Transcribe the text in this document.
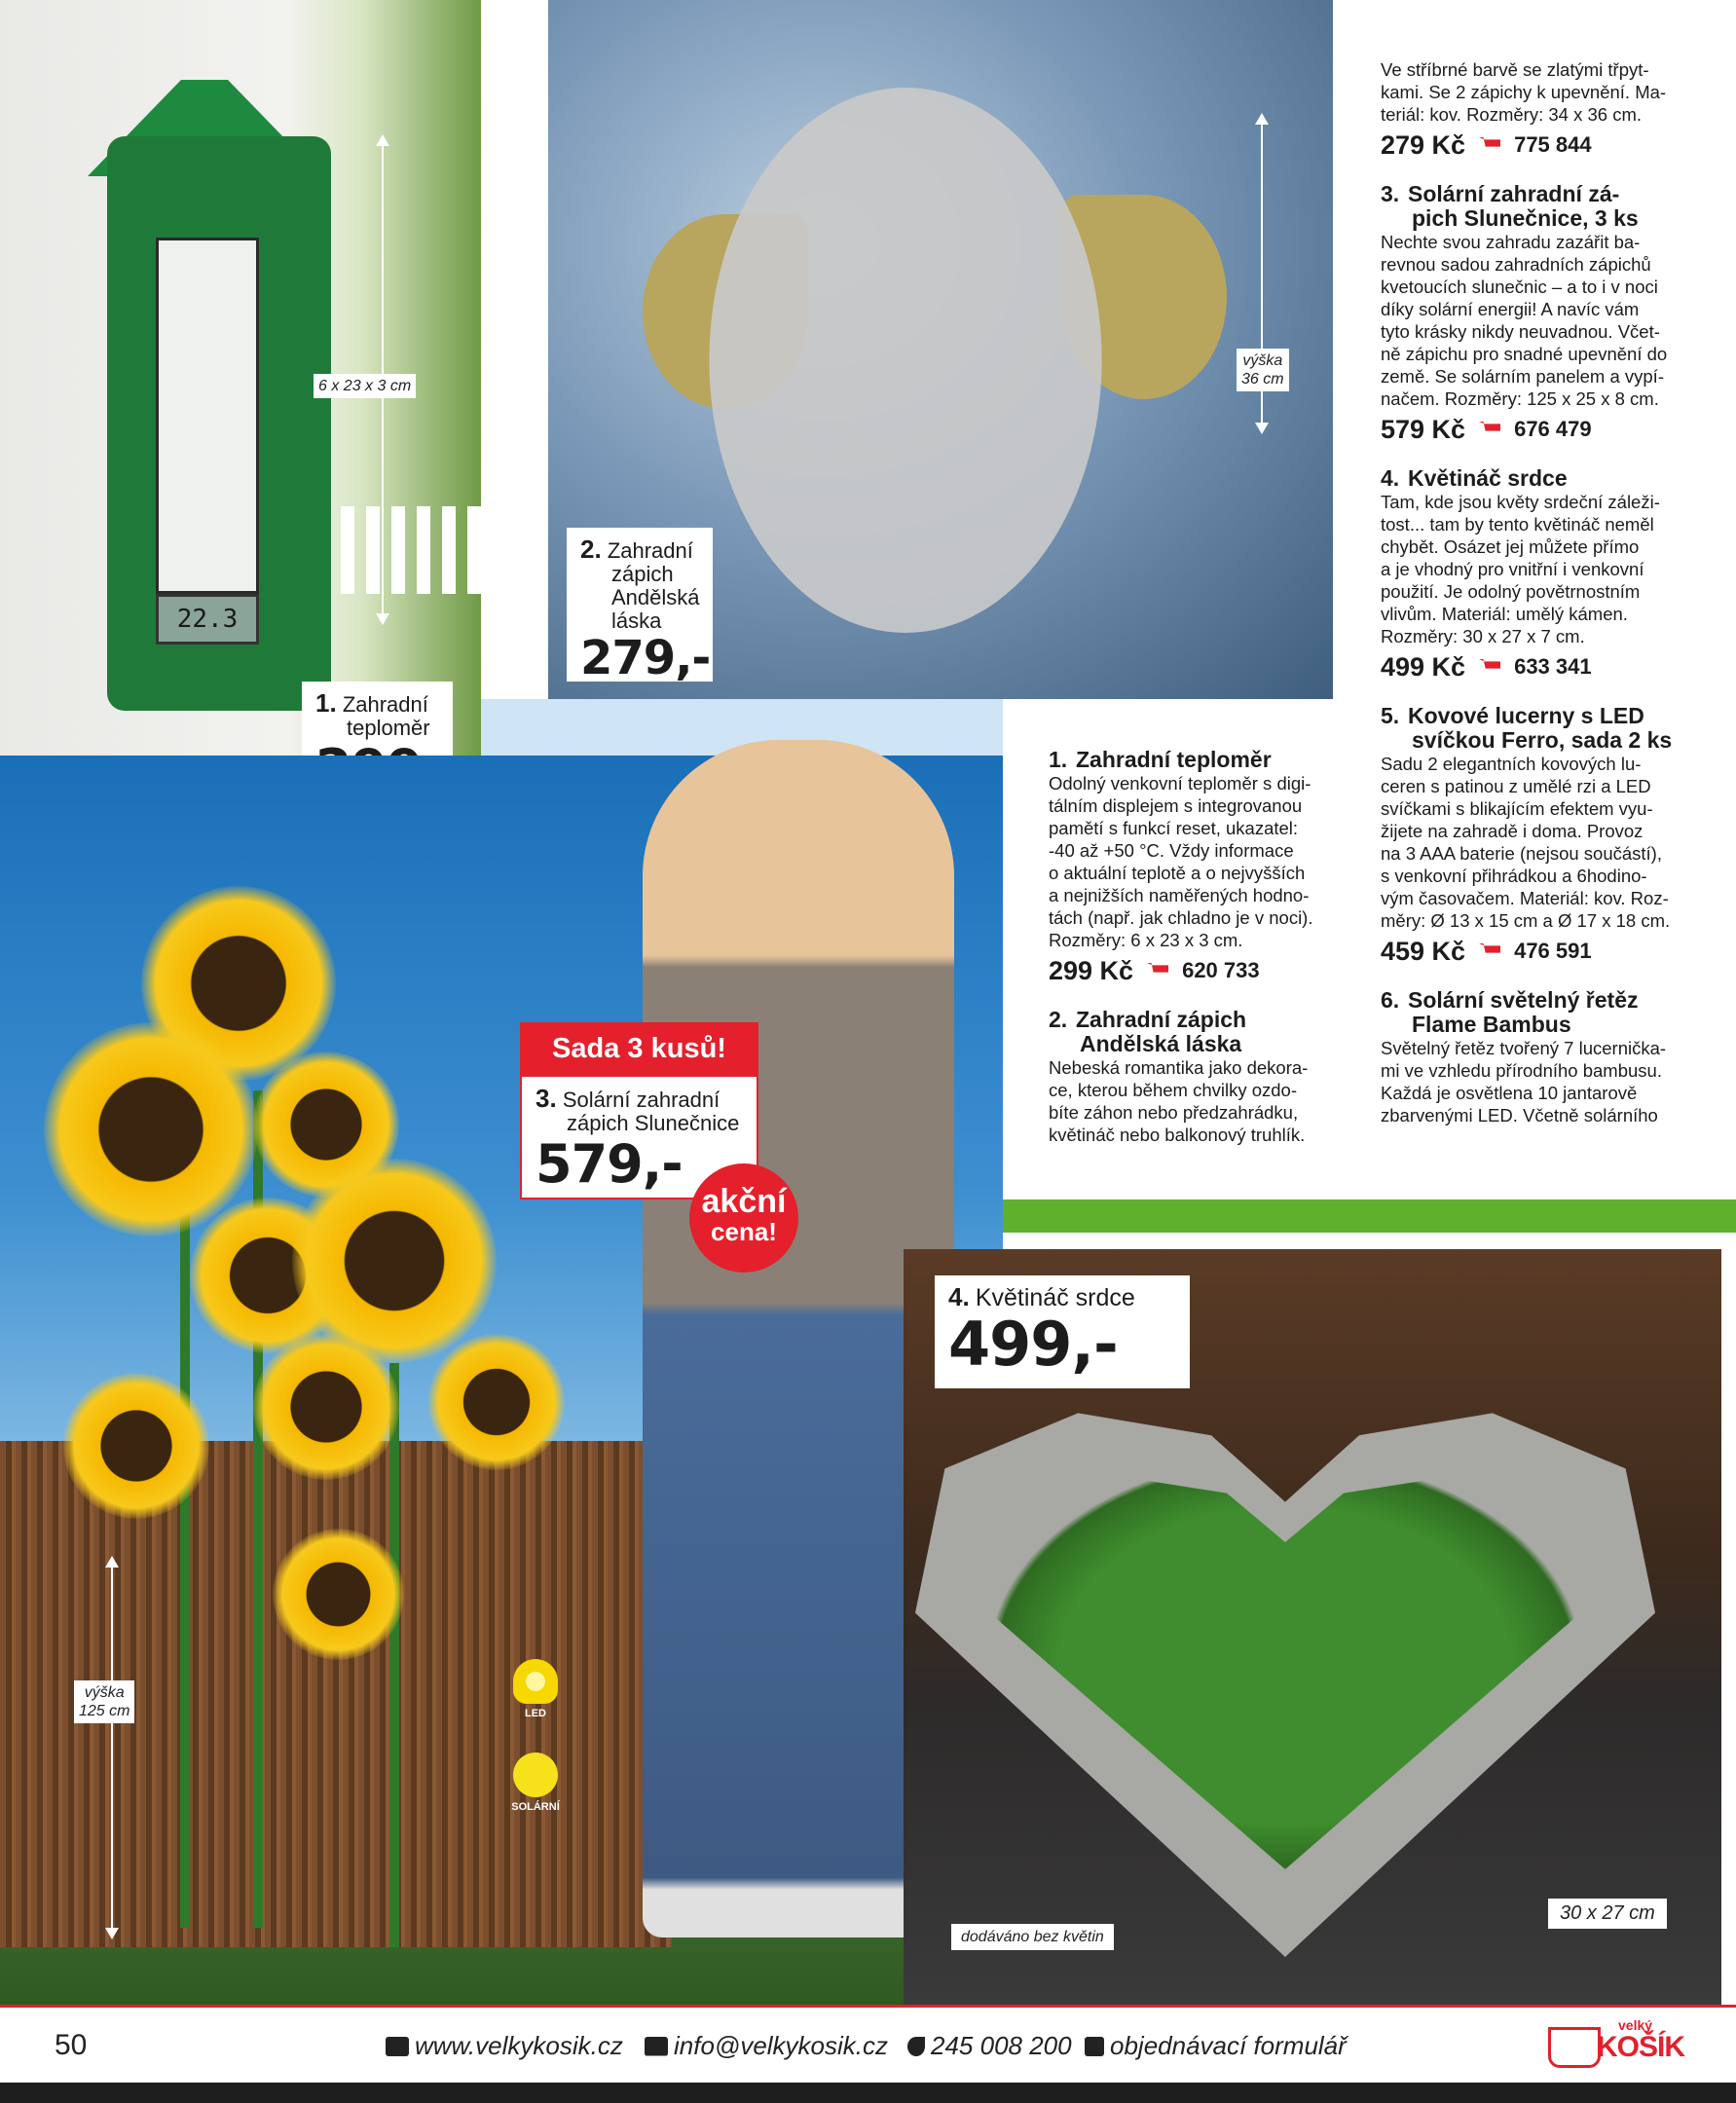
22.3
6 x 23 x 3 cm
1. Zahradní
teploměr
výška
36 cm
2. Zahradní
zápich
Andělská
láska
279,-
výška
125 cm	LED
SOLÁRNÍ
Sada 3 kusů!
3. Solární zahradní
zápich Slunečnice
579,-
akční
cena!
4. Květináč srdce
499,-
30 x 27 cm
dodáváno bez květin
1. Zahradní teploměr

Odolný venkovní teploměr s digi-

tálním displejem s integrovanou

pamětí s funkcí reset, ukazatel:

-40 až +50 °C. Vždy informace

o aktuální teplotě a o nejvyšších

a nejnižších naměřených hodno-

tách (např. jak chladno je v noci).

Rozměry: 6 x 23 x 3 cm.

299 Kč 620 733
2. Zahradní zápich
Andělská láska

Nebeská romantika jako dekora-

ce, kterou během chvilky ozdo-

bíte záhon nebo předzahrádku,

květináč nebo balkonový truhlík.

Ve stříbrné barvě se zlatými třpyt-

kami. Se 2 zápichy k upevnění. Ma-

teriál: kov. Rozměry: 34 x 36 cm.

279 Kč 775 844
3. Solární zahradní zá-
pich Slunečnice, 3 ks

Nechte svou zahradu zazářit ba-

revnou sadou zahradních zápichů

kvetoucích slunečnic – a to i v noci

díky solární energii! A navíc vám

tyto krásky nikdy neuvadnou. Včet-

ně zápichu pro snadné upevnění do

země. Se solárním panelem a vypí-

načem. Rozměry: 125 x 25 x 8 cm.

579 Kč 676 479
4. Květináč srdce

Tam, kde jsou květy srdeční záleži-

tost... tam by tento květináč neměl

chybět. Osázet jej můžete přímo

a je vhodný pro vnitřní i venkovní

použití. Je odolný povětrnostním

vlivům. Materiál: umělý kámen.

Rozměry: 30 x 27 x 7 cm.

499 Kč 633 341
5. Kovové lucerny s LED
svíčkou Ferro, sada 2 ks

Sadu 2 elegantních kovových lu-

ceren s patinou z umělé rzi a LED

svíčkami s blikajícím efektem vyu-

žijete na zahradě i doma. Provoz

na 3 AAA baterie (nejsou součástí),

s venkovní přihrádkou a 6hodino-

vým časovačem. Materiál: kov. Roz-

měry: Ø 13 x 15 cm a Ø 17 x 18 cm.

459 Kč 476 591
6. Solární světelný řetěz
Flame Bambus

Světelný řetěz tvořený 7 lucernička-

mi ve vzhledu přírodního bambusu.

Každá je osvětlena 10 jantarově

zbarvenými LED. Včetně solárního

50	www.velkykosik.cz info@velkykosik.cz 245 008 200 objednávací formulář
velký
KOŠÍK
